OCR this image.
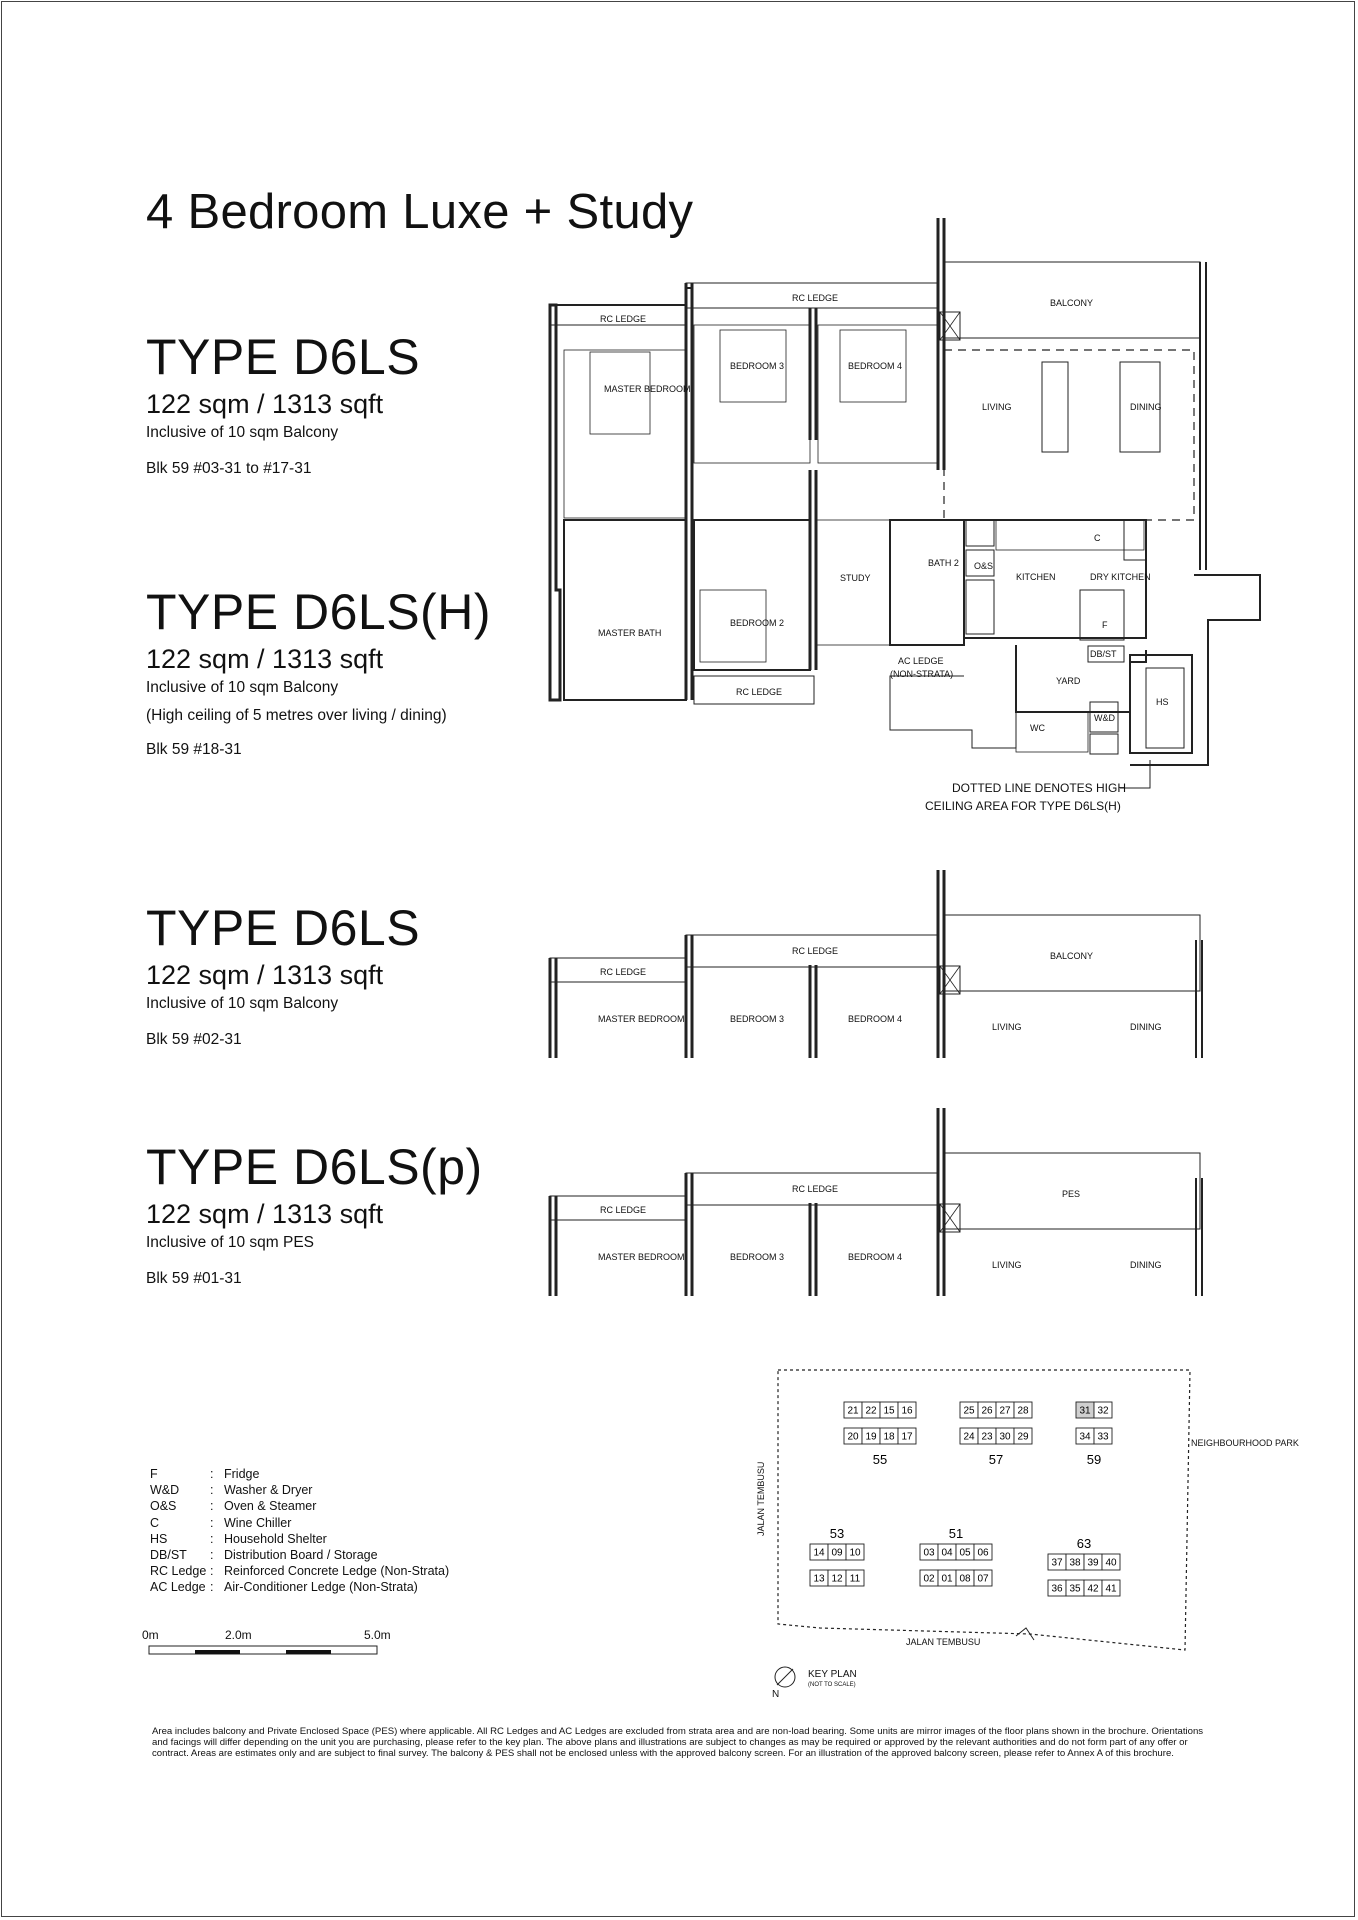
4 Bedroom Luxe + Study
TYPE D6LS
122 sqm / 1313 sqft
Inclusive of 10 sqm Balcony
Blk 59 #03-31 to #17-31
TYPE D6LS(H)
122 sqm / 1313 sqft
Inclusive of 10 sqm Balcony
(High ceiling of 5 metres over living / dining)
Blk 59 #18-31
TYPE D6LS
122 sqm / 1313 sqft
Inclusive of 10 sqm Balcony
Blk 59 #02-31
TYPE D6LS(p)
122 sqm / 1313 sqft
Inclusive of 10 sqm PES
Blk 59 #01-31
RC LEDGE
RC LEDGE	BALCONY
MASTER BEDROOM
BEDROOM 3	BEDROOM 4
LIVING	DINING
MASTER BATH
BEDROOM 2
STUDY
BATH 2 O&S
KITCHEN	DRY KITCHEN
C
F
DB/ST
YARD
HS
W&D
WC
AC LEDGE
(NON-STRATA)
RC LEDGE
DOTTED LINE DENOTES HIGH
CEILING AREA FOR TYPE D6LS(H)
RC LEDGE
RC LEDGE	BALCONY
MASTER BEDROOM	BEDROOM 3	BEDROOM 4
LIVING	DINING
RC LEDGE
RC LEDGE	PES
MASTER BEDROOM	BEDROOM 3	BEDROOM 4
LIVING	DINING
JALAN TEMBUSU
JALAN TEMBUSU
NEIGHBOURHOOD PARK
KEY PLAN
(NOT TO SCALE)
N
21 22 15 16
20 19 18 17
55
25 26 27 28
24 23 30 29
57
31 32
34 33
59
14 09 10
13 12 11
53
03 04 05 06
02 01 08 07
51
37 38 39 40
36 35 42 41
63
F	: Fridge
W&D	: Washer & Dryer
O&S	: Oven & Steamer
C	: Wine Chiller
HS	: Household Shelter
DB/ST	: Distribution Board / Storage
RC Ledge : Reinforced Concrete Ledge (Non-Strata)
AC Ledge : Air-Conditioner Ledge (Non-Strata)
0m	2.0m	5.0m
Area includes balcony and Private Enclosed Space (PES) where applicable. All RC Ledges and AC Ledges are excluded from strata area and are non-load bearing. Some units are mirror images of the floor plans shown in the brochure. Orientations and facings will differ depending on the unit you are purchasing, please refer to the key plan. The above plans and illustrations are subject to changes as may be required or approved by the relevant authorities and do not form part of any offer or contract. Areas are estimates only and are subject to final survey. The balcony & PES shall not be enclosed unless with the approved balcony screen. For an illustration of the approved balcony screen, please refer to Annex A of this brochure.
